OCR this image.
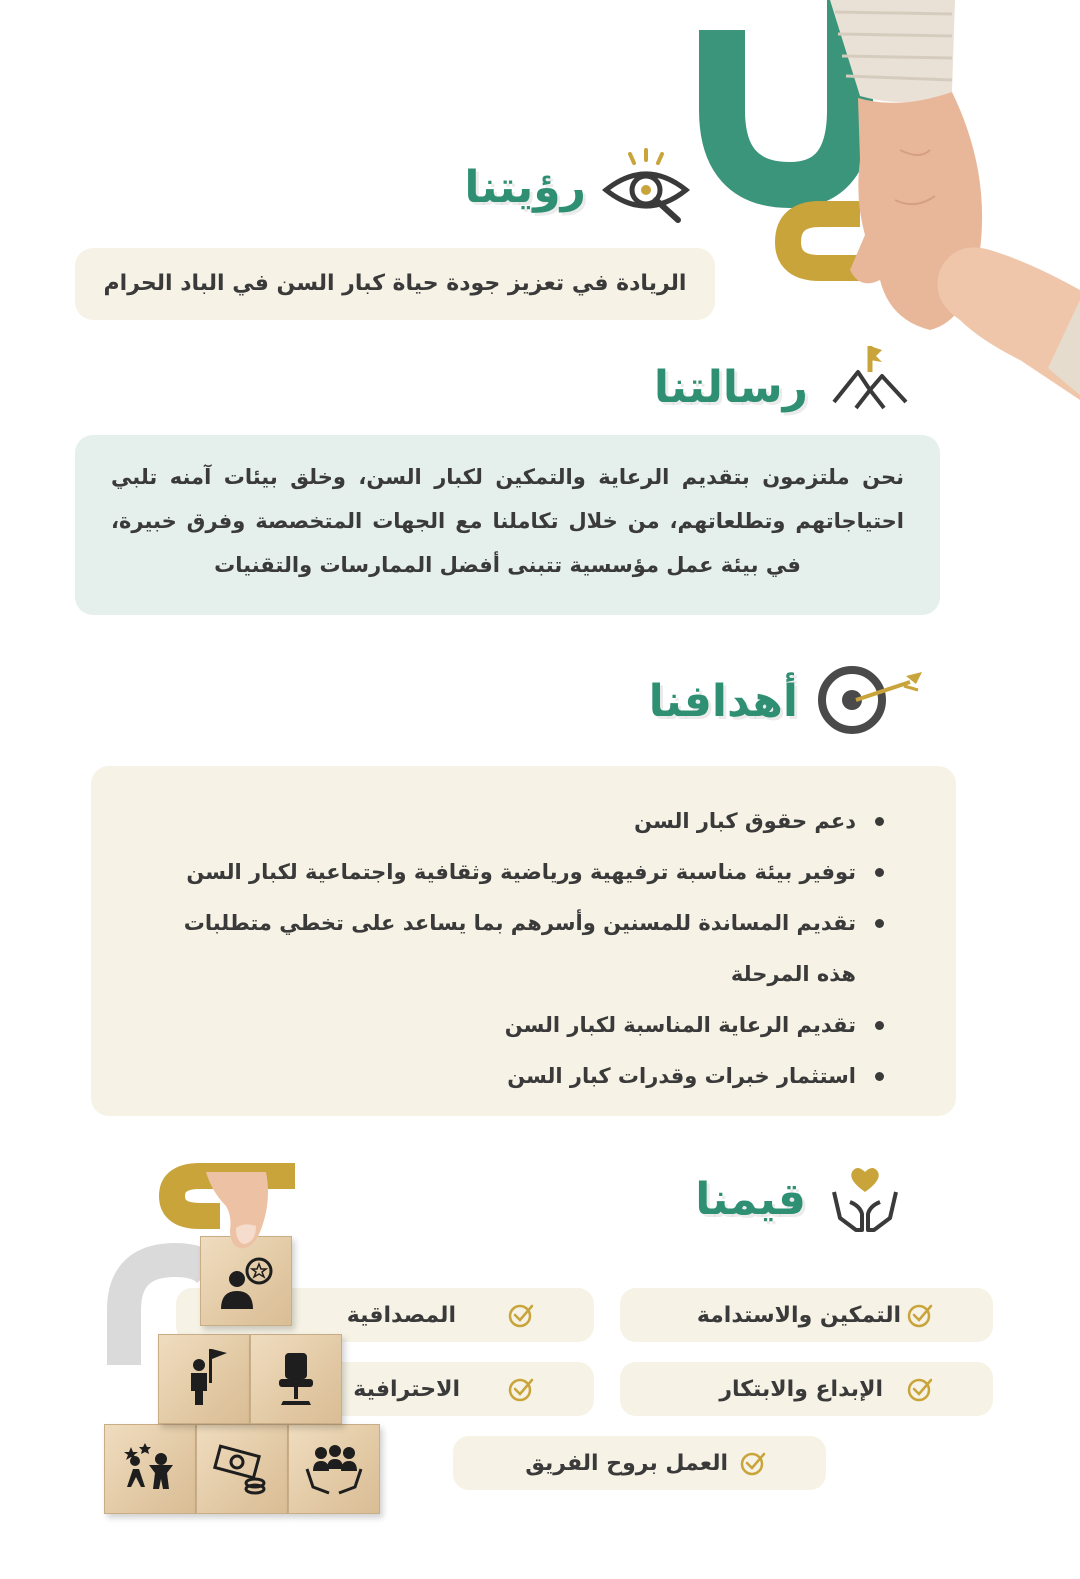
رؤيتنا
الريادة في تعزيز جودة حياة كبار السن في الباد الحرام
رسالتنا
نحن ملتزمون بتقديم الرعاية والتمكين لكبار السن، وخلق بيئات آمنه تلبي احتياجاتهم وتطلعاتهم، من خلال تكاملنا مع الجهات المتخصصة وفرق خبيرة، في بيئة عمل مؤسسية تتبنى أفضل الممارسات والتقنيات
أهدافنا
دعم حقوق كبار السن
توفير بيئة مناسبة ترفيهية ورياضية وثقافية واجتماعية لكبار السن
تقديم المساندة للمسنين وأسرهم بما يساعد على تخطي متطلبات هذه المرحلة
تقديم الرعاية المناسبة لكبار السن
استثمار خبرات وقدرات كبار السن
قيمنا
التمكين والاستدامة
الإبداع والابتكار
المصداقية
الاحترافية
العمل بروح الفريق
